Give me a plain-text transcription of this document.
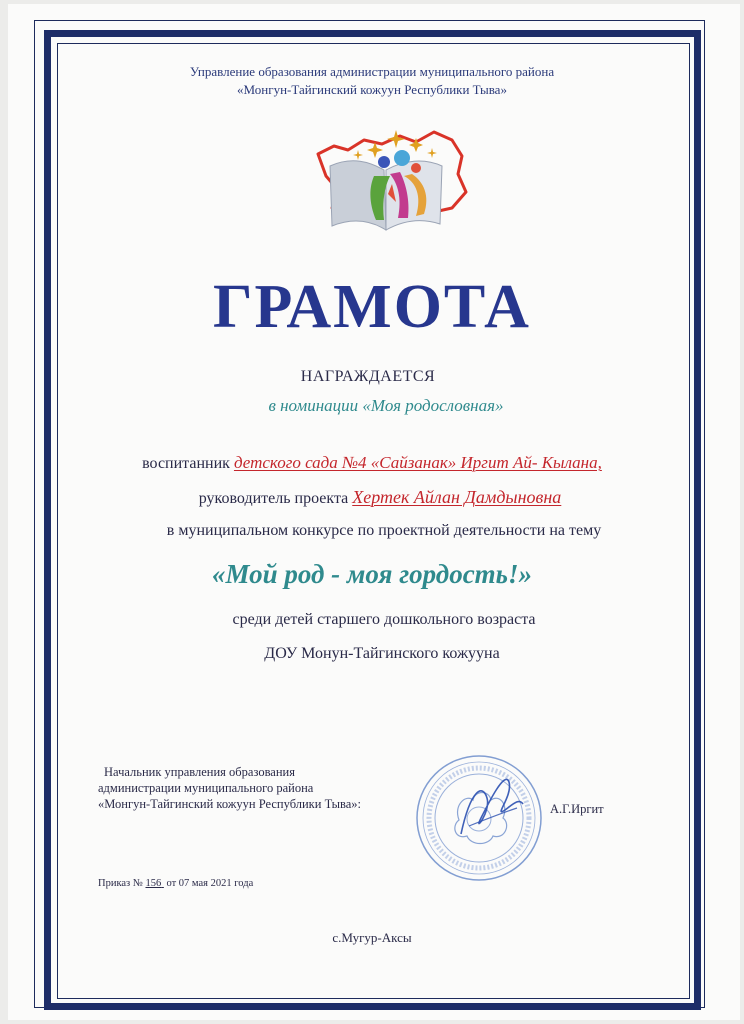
Управление образования администрации муниципального района
«Монгун-Тайгинский кожуун Республики Тыва»
ГРАМОТА
НАГРАЖДАЕТСЯ
в номинации «Моя родословная»
воспитанник детского сада №4 «Сайзанак» Иргит Ай- Кылана,
руководитель проекта Хертек Айлан Дамдыновна
в муниципальном конкурсе по проектной деятельности на тему
«Мой род - моя гордость!»
среди детей старшего дошкольного возраста
ДОУ Монун-Тайгинского кожууна
Начальник управления образования
администрации муниципального района
«Монгун-Тайгинский кожуун Республики Тыва»:	А.Г.Иргит
Приказ № 156 от 07 мая 2021 года
с.Мугур-Аксы
